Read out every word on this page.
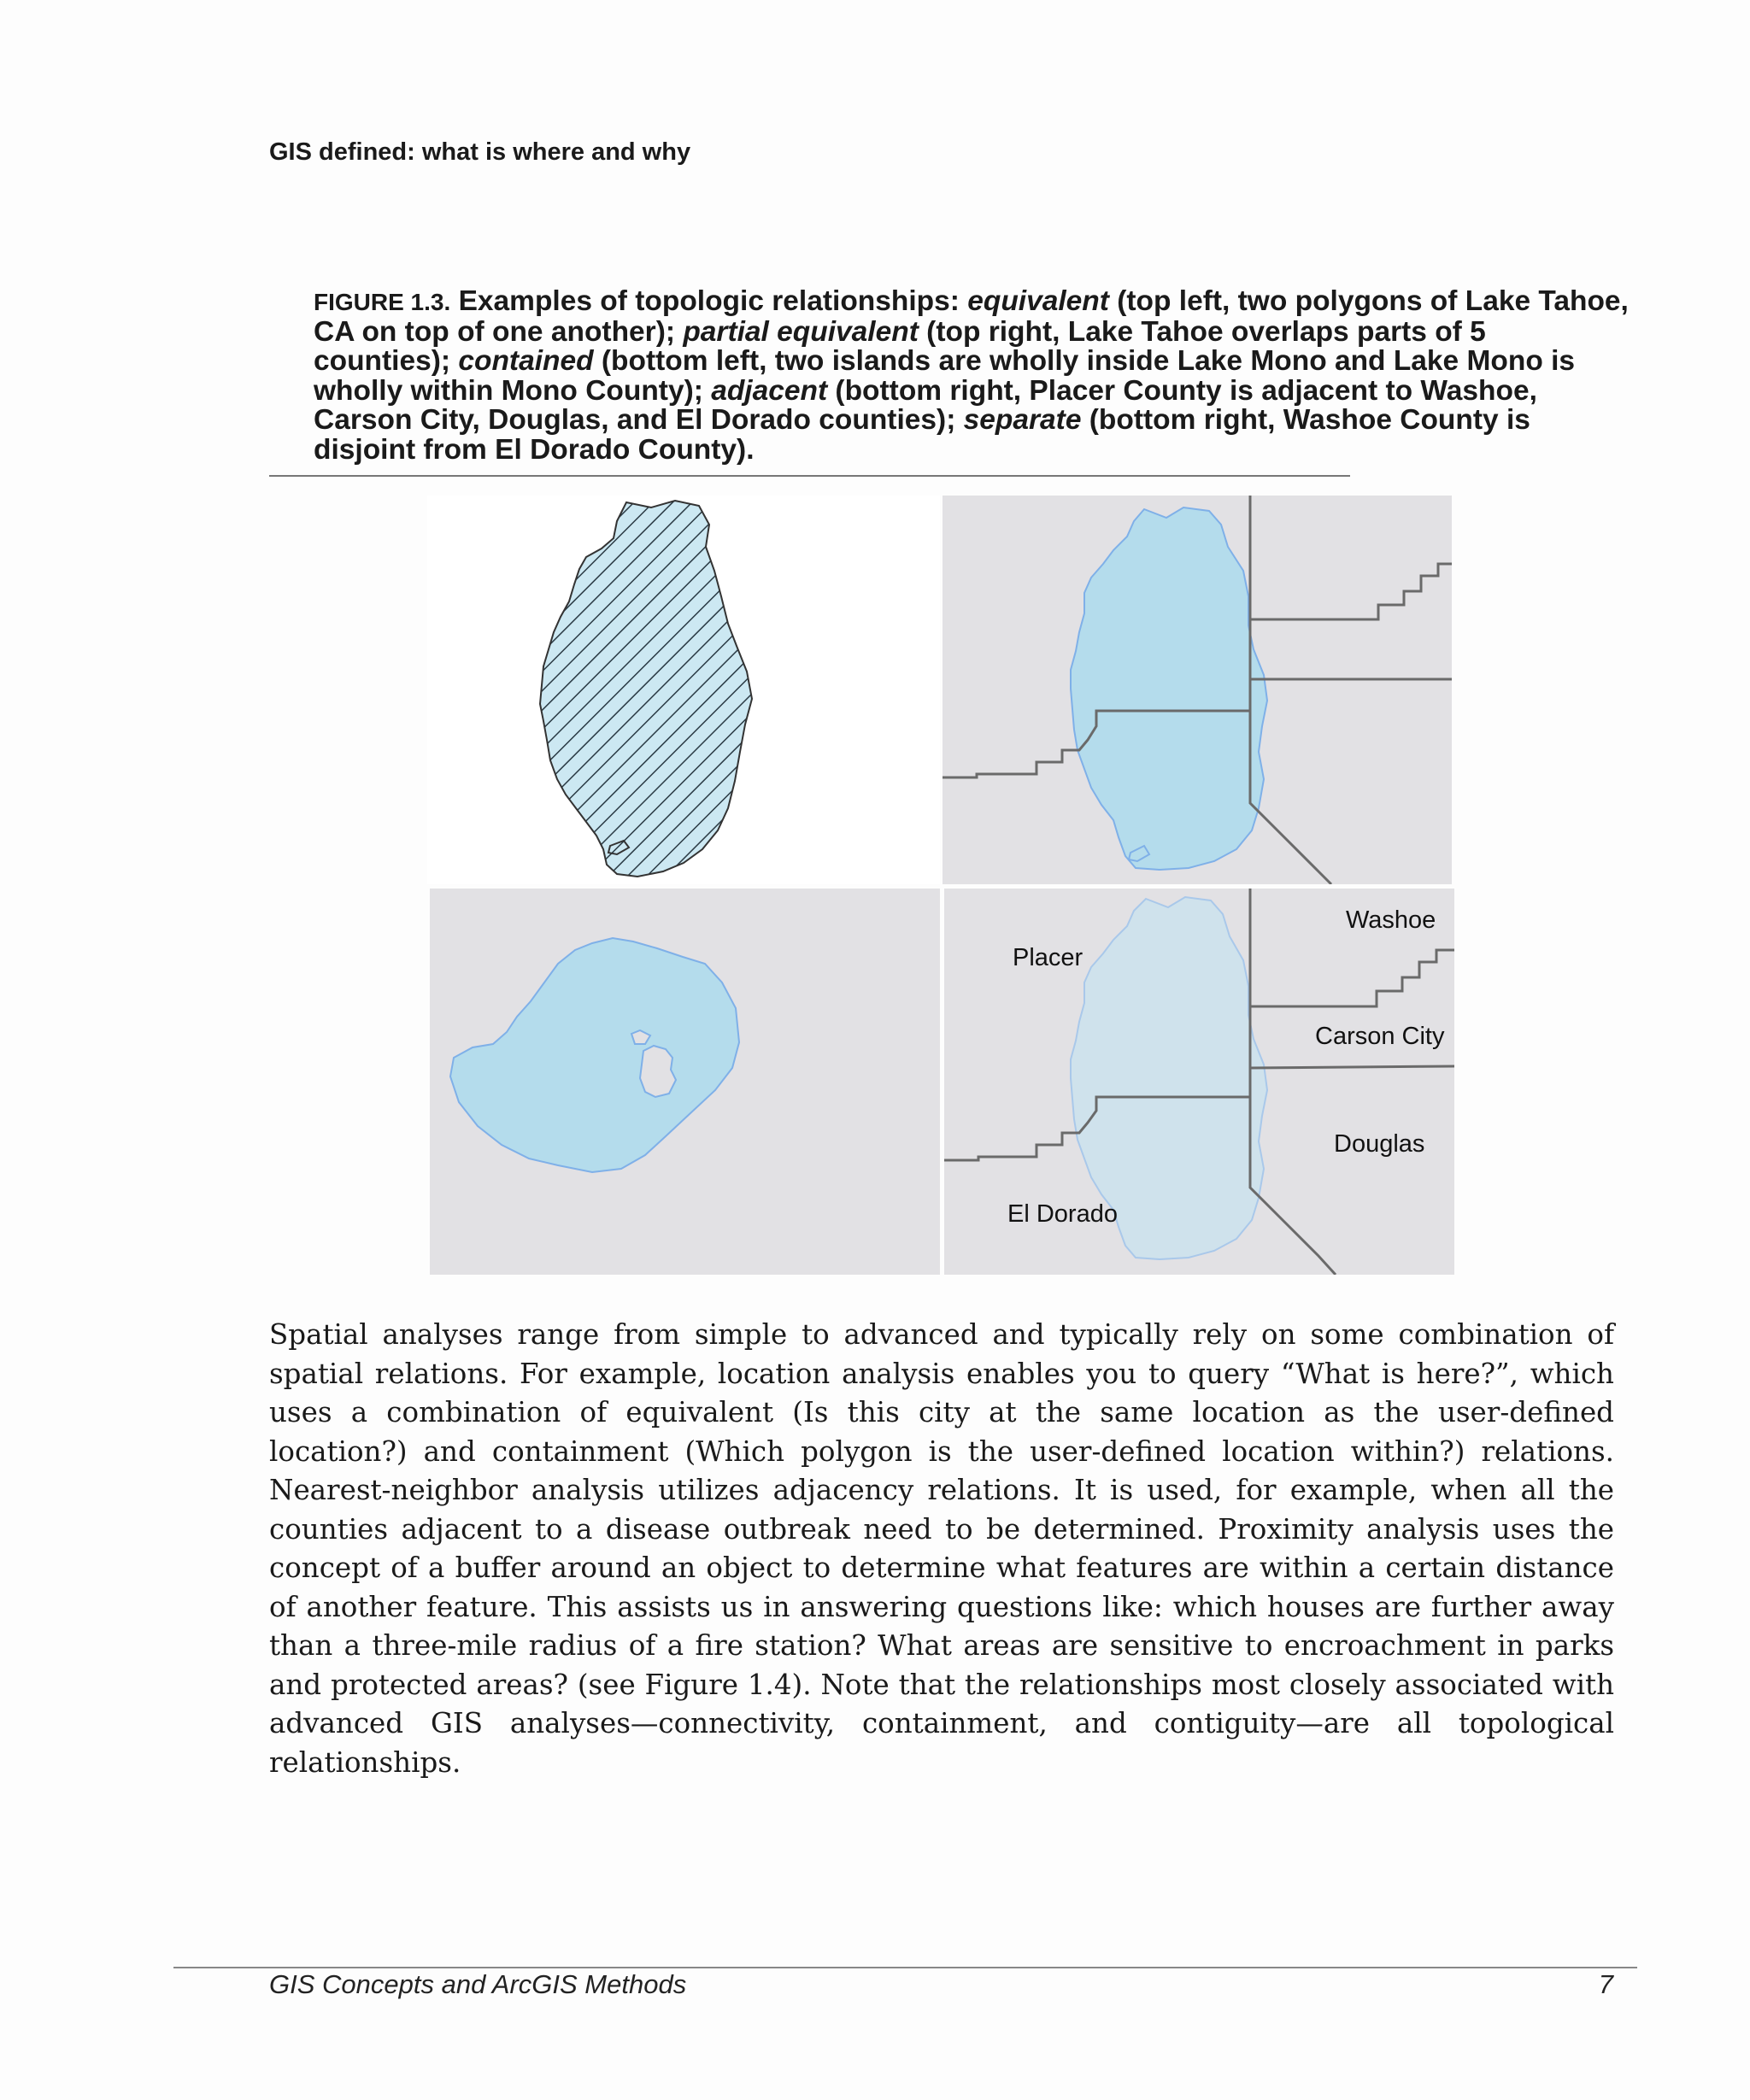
GIS defined: what is where and why
FIGURE 1.3. Examples of topologic relationships: equivalent (top left, two polygons of Lake Tahoe, CA on top of one another); partial equivalent (top right, Lake Tahoe overlaps parts of 5 counties); contained (bottom left, two islands are wholly inside Lake Mono and Lake Mono is wholly within Mono County); adjacent (bottom right, Placer County is adjacent to Washoe, Carson City, Douglas, and El Dorado counties); separate (bottom right, Washoe County is disjoint from El Dorado County).
Placer
Washoe
Carson City
Douglas
El Dorado
Spatial analyses range from simple to advanced and typically rely on some combination of spatial relations. For example, location analysis enables you to query “What is here?”, which uses a combination of equivalent (Is this city at the same location as the user-defined location?) and containment (Which polygon is the user-defined location within?) relations. Nearest-neighbor analysis utilizes adjacency relations. It is used, for example, when all the counties adjacent to a disease outbreak need to be determined. Proximity analysis uses the concept of a buffer around an object to determine what features are within a certain distance of another feature. This assists us in answering questions like: which houses are further away than a three-mile radius of a fire station? What areas are sensitive to encroachment in parks and protected areas? (see Figure 1.4). Note that the relationships most closely associated with advanced GIS analyses—connectivity, containment, and contiguity—are all topological relationships.
GIS Concepts and ArcGIS Methods	7
